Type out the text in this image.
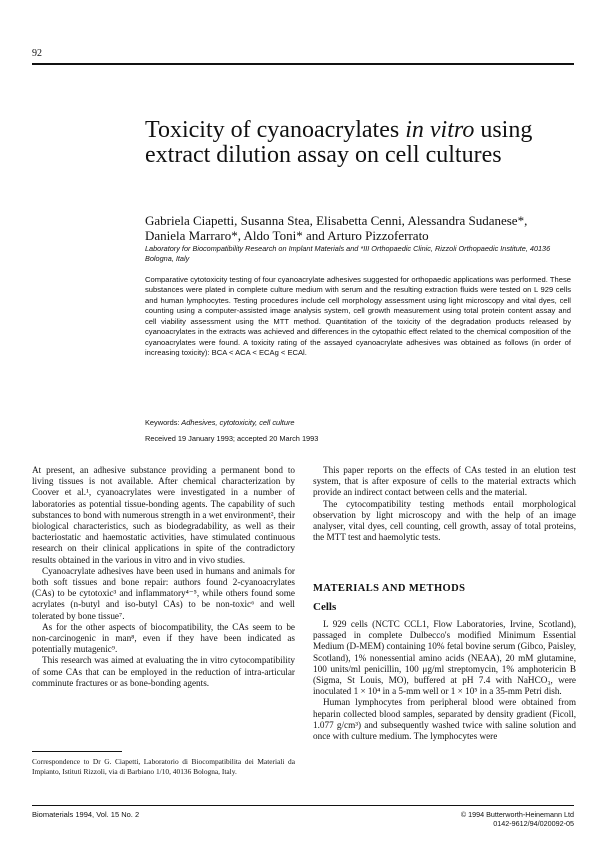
92
Toxicity of cyanoacrylates in vitro using extract dilution assay on cell cultures
Gabriela Ciapetti, Susanna Stea, Elisabetta Cenni, Alessandra Sudanese*, Daniela Marraro*, Aldo Toni* and Arturo Pizzoferrato
Laboratory for Biocompatibility Research on Implant Materials and *III Orthopaedic Clinic, Rizzoli Orthopaedic Institute, 40136 Bologna, Italy
Comparative cytotoxicity testing of four cyanoacrylate adhesives suggested for orthopaedic applications was performed. These substances were plated in complete culture medium with serum and the resulting extraction fluids were tested on L 929 cells and human lymphocytes. Testing procedures include cell morphology assessment using light microscopy and vital dyes, cell counting using a computer-assisted image analysis system, cell growth measurement using total protein content assay and cell viability assessment using the MTT method. Quantitation of the toxicity of the degradation products released by cyanoacrylates in the extracts was achieved and differences in the cytopathic effect related to the chemical composition of the cyanoacrylates were found. A toxicity rating of the assayed cyanoacrylate adhesives was obtained as follows (in order of increasing toxicity): BCA < ACA < ECAg < ECAl.
Keywords: Adhesives, cytotoxicity, cell culture
Received 19 January 1993; accepted 20 March 1993

At present, an adhesive substance providing a permanent bond to living tissues is not available. After chemical characterization by Coover et al.¹, cyanoacrylates were investigated in a number of laboratories as potential tissue-bonding agents. The capability of such substances to bond with numerous strength in a wet environment², their biological characteristics, such as biodegradability, as well as their bacteriostatic and haemostatic activities, have stimulated continuous research on their clinical applications in spite of the contradictory results obtained in the various in vitro and in vivo studies.

Cyanoacrylate adhesives have been used in humans and animals for both soft tissues and bone repair: authors found 2-cyanoacrylates (CAs) to be cytotoxic³ and inflammatory⁴⁻⁵, while others found some acrylates (n-butyl and iso-butyl CAs) to be non-toxic⁶ and well tolerated by bone tissue⁷.

As for the other aspects of biocompatibility, the CAs seem to be non-carcinogenic in man⁸, even if they have been indicated as potentially mutagenic⁹.

This research was aimed at evaluating the in vitro cytocompatibility of some CAs that can be employed in the reduction of intra-articular comminute fractures or as bone-bonding agents.

Correspondence to Dr G. Ciapetti, Laboratorio di Biocompatibilita dei Materiali da Impianto, Istituti Rizzoli, via di Barbiano 1/10, 40136 Bologna, Italy.

This paper reports on the effects of CAs tested in an elution test system, that is after exposure of cells to the material extracts which provide an indirect contact between cells and the material.

The cytocompatibility testing methods entail morphological observation by light microscopy and with the help of an image analyser, vital dyes, cell counting, cell growth, assay of total proteins, the MTT test and haemolytic tests.

MATERIALS AND METHODS
Cells

L 929 cells (NCTC CCL1, Flow Laboratories, Irvine, Scotland), passaged in complete Dulbecco's modified Minimum Essential Medium (D-MEM) containing 10% fetal bovine serum (Gibco, Paisley, Scotland), 1% nonessential amino acids (NEAA), 20 mM glutamine, 100 units/ml penicillin, 100 μg/ml streptomycin, 1% amphotericin B (Sigma, St Louis, MO), buffered at pH 7.4 with NaHCO₃, were inoculated 1 × 10⁴ in a 5-mm well or 1 × 10⁵ in a 35-mm Petri dish.

Human lymphocytes from peripheral blood were obtained from heparin collected blood samples, separated by density gradient (Ficoll, 1.077 g/cm³) and subsequently washed twice with saline solution and once with culture medium. The lymphocytes were

Biomaterials 1994, Vol. 15 No. 2	© 1994 Butterworth-Heinemann Ltd
0142-9612/94/020092-05
